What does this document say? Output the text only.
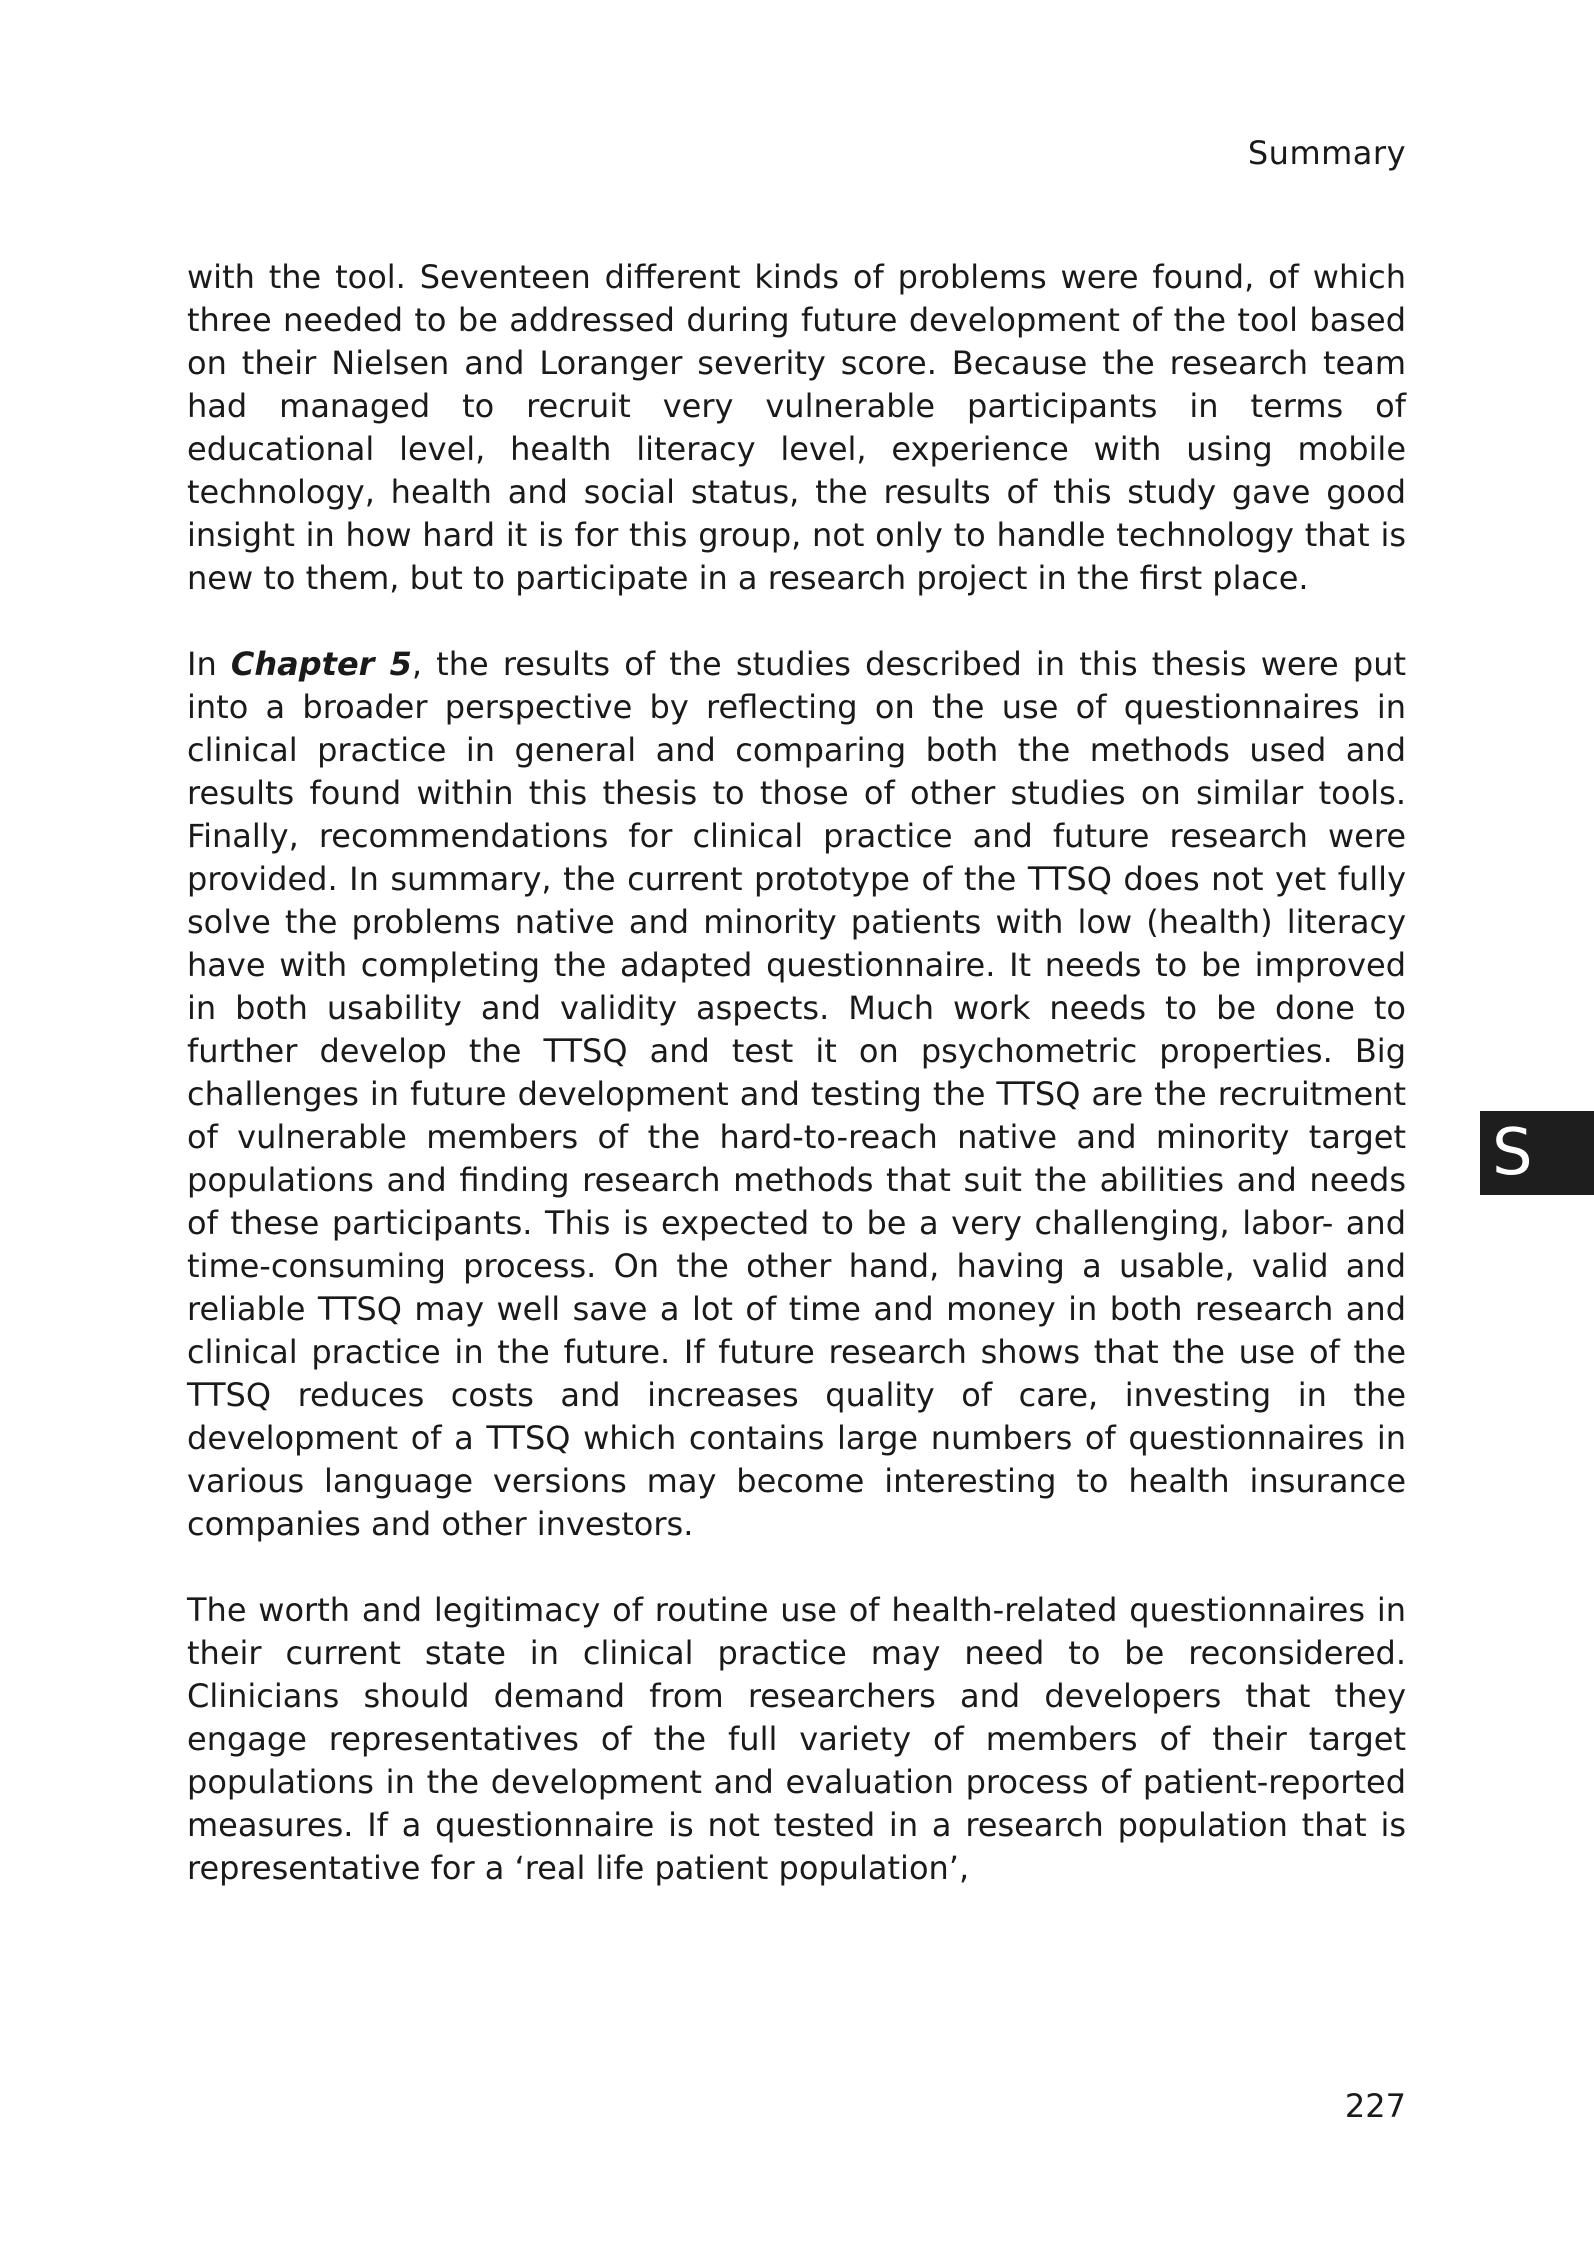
Summary

with the tool. Seventeen different kinds of problems were found, of which three needed to be addressed during future development of the tool based on their Nielsen and Loranger severity score. Because the research team had managed to recruit very vulnerable participants in terms of educational level, health literacy level, experience with using mobile technology, health and social status, the results of this study gave good insight in how hard it is for this group, not only to handle technology that is new to them, but to participate in a research project in the first place.

In Chapter 5, the results of the studies described in this thesis were put into a broader perspective by reflecting on the use of questionnaires in clinical practice in general and comparing both the methods used and results found within this thesis to those of other studies on similar tools. Finally, recommendations for clinical practice and future research were provided. In summary, the current prototype of the TTSQ does not yet fully solve the problems native and minority patients with low (health) literacy have with completing the adapted questionnaire. It needs to be improved in both usability and validity aspects. Much work needs to be done to further develop the TTSQ and test it on psychometric properties. Big challenges in future development and testing the TTSQ are the recruitment of vulnerable members of the hard-to-reach native and minority target populations and finding research methods that suit the abilities and needs of these participants. This is expected to be a very challenging, labor- and time-consuming process. On the other hand, having a usable, valid and reliable TTSQ may well save a lot of time and money in both research and clinical practice in the future. If future research shows that the use of the TTSQ reduces costs and increases quality of care, investing in the development of a TTSQ which contains large numbers of questionnaires in various language versions may become interesting to health insurance companies and other investors.

The worth and legitimacy of routine use of health-related questionnaires in their current state in clinical practice may need to be reconsidered. Clinicians should demand from researchers and developers that they engage representatives of the full variety of members of their target populations in the development and evaluation process of patient-reported measures. If a questionnaire is not tested in a research population that is representative for a ‘real life patient population’,

S
227
